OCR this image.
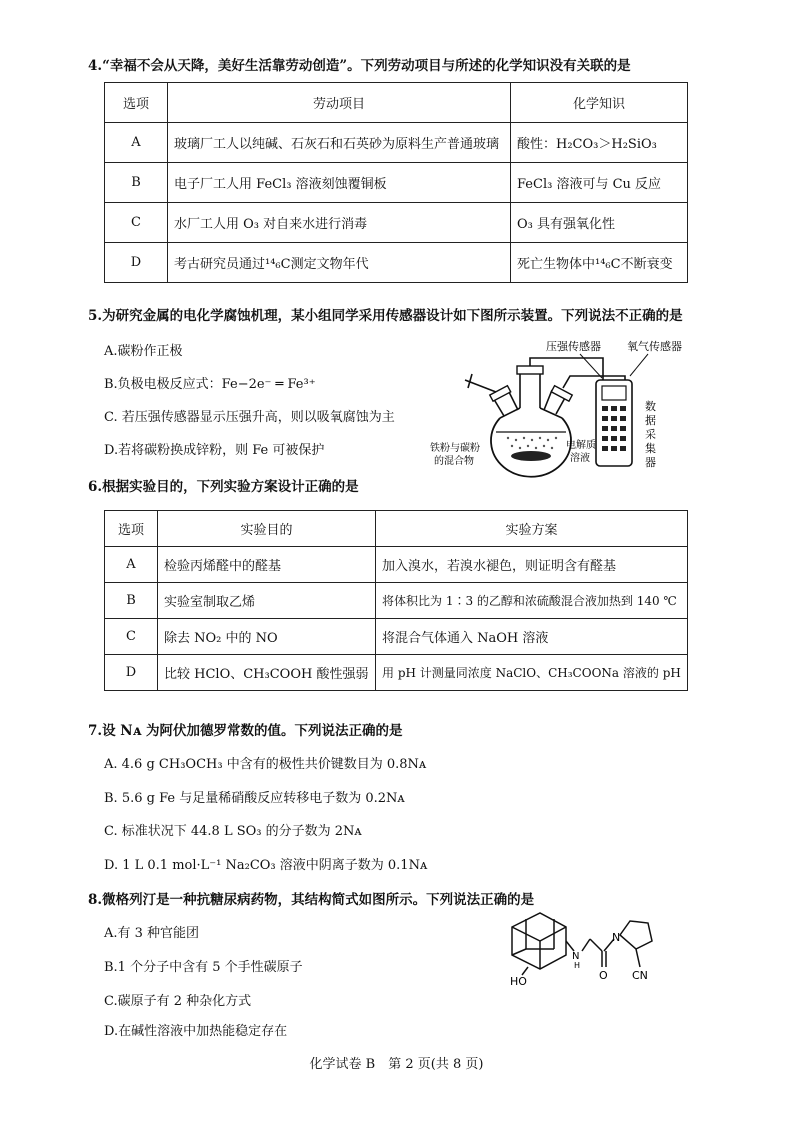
4.“幸福不会从天降，美好生活靠劳动创造”。下列劳动项目与所述的化学知识没有关联的是
选项	劳动项目	化学知识
A	玻璃厂工人以纯碱、石灰石和石英砂为原料生产普通玻璃	酸性：H₂CO₃＞H₂SiO₃
B	电子厂工人用 FeCl₃ 溶液刻蚀覆铜板	FeCl₃ 溶液可与 Cu 反应
C	水厂工人用 O₃ 对自来水进行消毒	O₃ 具有强氧化性
D	考古研究员通过¹⁴₆C测定文物年代	死亡生物体中¹⁴₆C不断衰变
5.为研究金属的电化学腐蚀机理，某小组同学采用传感器设计如下图所示装置。下列说法不正确的是
A.碳粉作正极
B.负极电极反应式：Fe−2e⁻ ═ Fe³⁺
C. 若压强传感器显示压强升高，则以吸氧腐蚀为主
D.若将碳粉换成锌粉，则 Fe 可被保护
压强传感器 氧气传感器
数
据
采
集
器
铁粉与碳粉
的混合物
电解质
溶液
6.根据实验目的，下列实验方案设计正确的是
选项	实验目的	实验方案
A	检验丙烯醛中的醛基	加入溴水，若溴水褪色，则证明含有醛基
B	实验室制取乙烯	将体积比为 1∶3 的乙醇和浓硫酸混合液加热到 140 ℃
C	除去 NO₂ 中的 NO	将混合气体通入 NaOH 溶液
D	比较 HClO、CH₃COOH 酸性强弱	用 pH 计测量同浓度 NaClO、CH₃COONa 溶液的 pH
7.设 Nᴀ 为阿伏加德罗常数的值。下列说法正确的是
A. 4.6 g CH₃OCH₃ 中含有的极性共价键数目为 0.8Nᴀ
B. 5.6 g Fe 与足量稀硝酸反应转移电子数为 0.2Nᴀ
C. 标准状况下 44.8 L SO₃ 的分子数为 2Nᴀ
D. 1 L 0.1 mol·L⁻¹ Na₂CO₃ 溶液中阴离子数为 0.1Nᴀ
8.微格列汀是一种抗糖尿病药物，其结构简式如图所示。下列说法正确的是
A.有 3 种官能团
B.1 个分子中含有 5 个手性碳原子
C.碳原子有 2 种杂化方式
D.在碱性溶液中加热能稳定存在
HO
N
H
O
N
CN
化学试卷 B　第 2 页(共 8 页)
